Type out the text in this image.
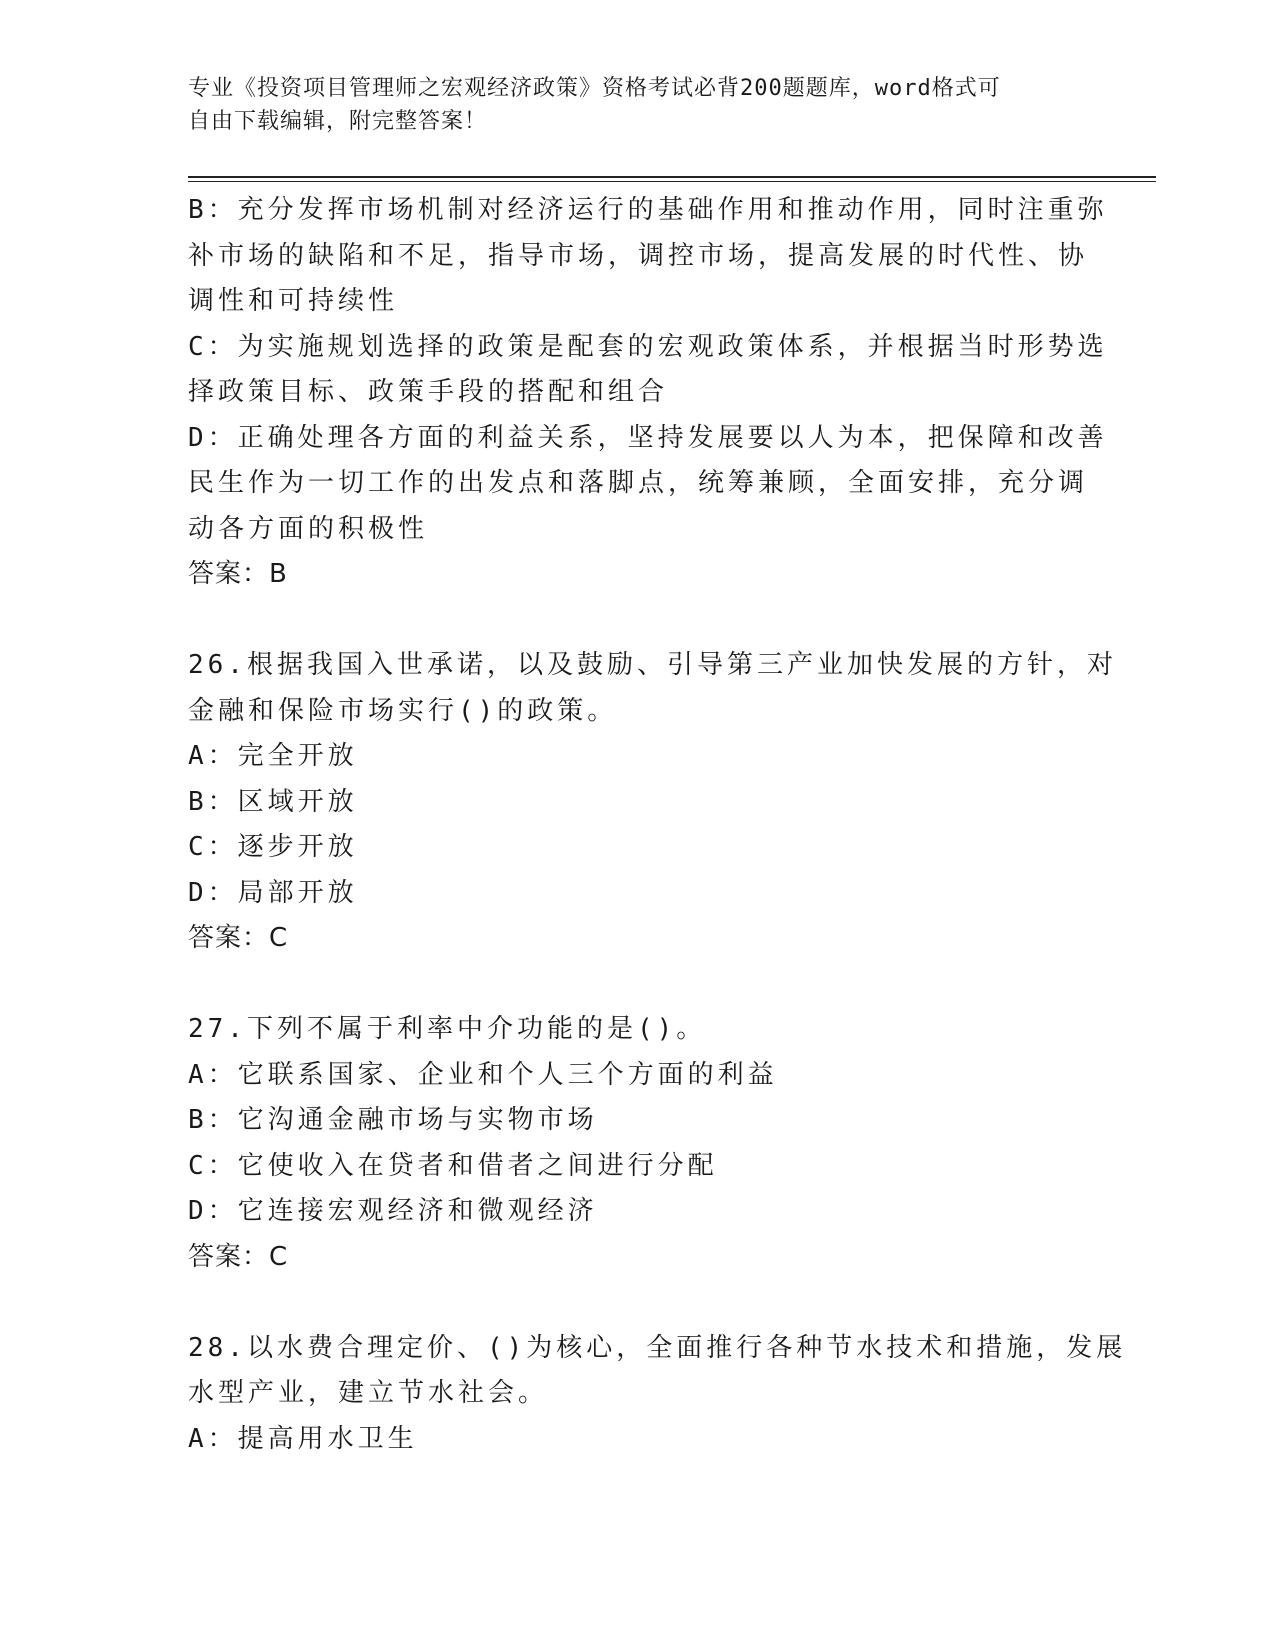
专业《投资项目管理师之宏观经济政策》资格考试必背200题题库，word格式可
自由下载编辑，附完整答案！
B：充分发挥市场机制对经济运行的基础作用和推动作用，同时注重弥
补市场的缺陷和不足，指导市场，调控市场，提高发展的时代性、协
调性和可持续性
C：为实施规划选择的政策是配套的宏观政策体系，并根据当时形势选
择政策目标、政策手段的搭配和组合
D：正确处理各方面的利益关系，坚持发展要以人为本，把保障和改善
民生作为一切工作的出发点和落脚点，统筹兼顾，全面安排，充分调
动各方面的积极性
答案：B
26.根据我国入世承诺，以及鼓励、引导第三产业加快发展的方针，对
金融和保险市场实行()的政策。
A：完全开放
B：区域开放
C：逐步开放
D：局部开放
答案：C
27.下列不属于利率中介功能的是()。
A：它联系国家、企业和个人三个方面的利益
B：它沟通金融市场与实物市场
C：它使收入在贷者和借者之间进行分配
D：它连接宏观经济和微观经济
答案：C
28.以水费合理定价、()为核心，全面推行各种节水技术和措施，发展
水型产业，建立节水社会。
A：提高用水卫生
